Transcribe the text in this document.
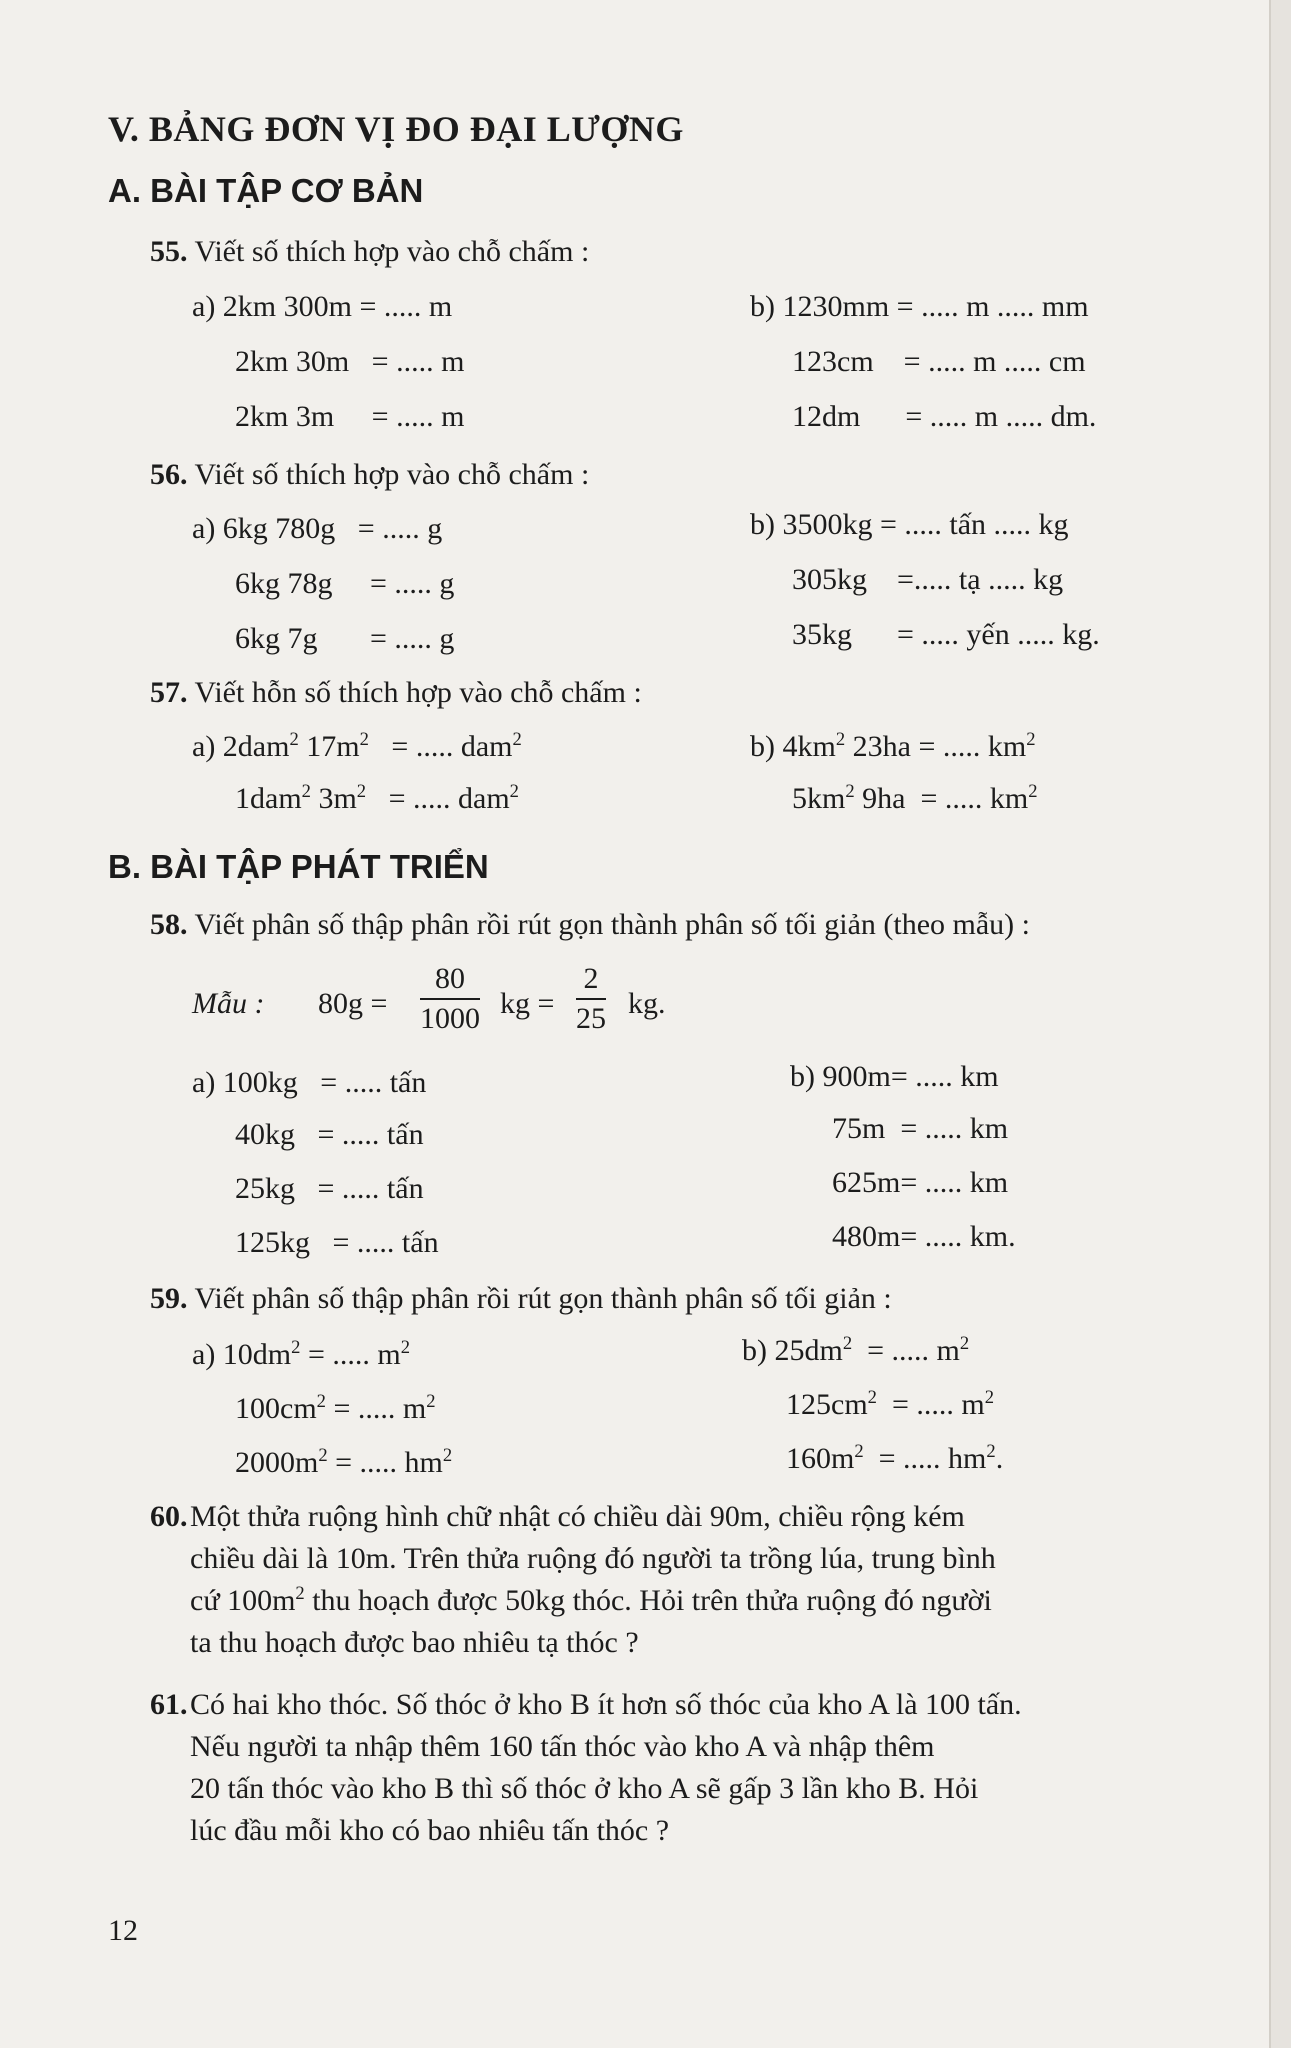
V. BẢNG ĐƠN VỊ ĐO ĐẠI LƯỢNG
A. BÀI TẬP CƠ BẢN
55. Viết số thích hợp vào chỗ chấm :
a) 2km 300m = ..... m
2km 30m   = ..... m
2km 3m     = ..... m
b) 1230mm = ..... m ..... mm
123cm    = ..... m ..... cm
12dm      = ..... m ..... dm.
56. Viết số thích hợp vào chỗ chấm :
a) 6kg 780g   = ..... g
6kg 78g     = ..... g
6kg 7g       = ..... g
b) 3500kg = ..... tấn ..... kg
305kg    =..... tạ ..... kg
35kg      = ..... yến ..... kg.
57. Viết hỗn số thích hợp vào chỗ chấm :
a) 2dam$^2$ $17m^2$   = ..... dam$^2$
1dam$^2$ $3m^2$   = ..... dam$^2$
b) $4km^2$ 23ha = ..... $km^2$
$5km^2$ 9ha  = ..... $km^2$
B. BÀI TẬP PHÁT TRIỂN
58. Viết phân số thập phân rồi rút gọn thành phân số tối giản (theo mẫu) :
Mẫu : $80g = \frac{80}{1000}$ kg = $\frac{2}{25}$ kg.
a) 100kg   = ..... tấn
40kg   = ..... tấn
25kg   = ..... tấn
125kg   = ..... tấn
b) 900m= ..... km
75m  = ..... km
625m= ..... km
480m= ..... km.
59. Viết phân số thập phân rồi rút gọn thành phân số tối giản :
a) $10dm^2$ = ..... $m^2$
$100cm^2$ = ..... $m^2$
$2000m^2$ = ..... $hm^2$
b) $25dm^2$  = ..... $m^2$
$125cm^2$  = ..... $m^2$
$160m^2$  = ..... $hm^2$.
60. Một thửa ruộng hình chữ nhật có chiều dài 90m, chiều rộng kém
chiều dài là 10m. Trên thửa ruộng đó người ta trồng lúa, trung bình
cứ $100m^2$ thu hoạch được 50kg thóc. Hỏi trên thửa ruộng đó người
ta thu hoạch được bao nhiêu tạ thóc ?
61. Có hai kho thóc. Số thóc ở kho B ít hơn số thóc của kho A là 100 tấn.
Nếu người ta nhập thêm 160 tấn thóc vào kho A và nhập thêm
20 tấn thóc vào kho B thì số thóc ở kho A sẽ gấp 3 lần kho B. Hỏi
lúc đầu mỗi kho có bao nhiêu tấn thóc ?
12
